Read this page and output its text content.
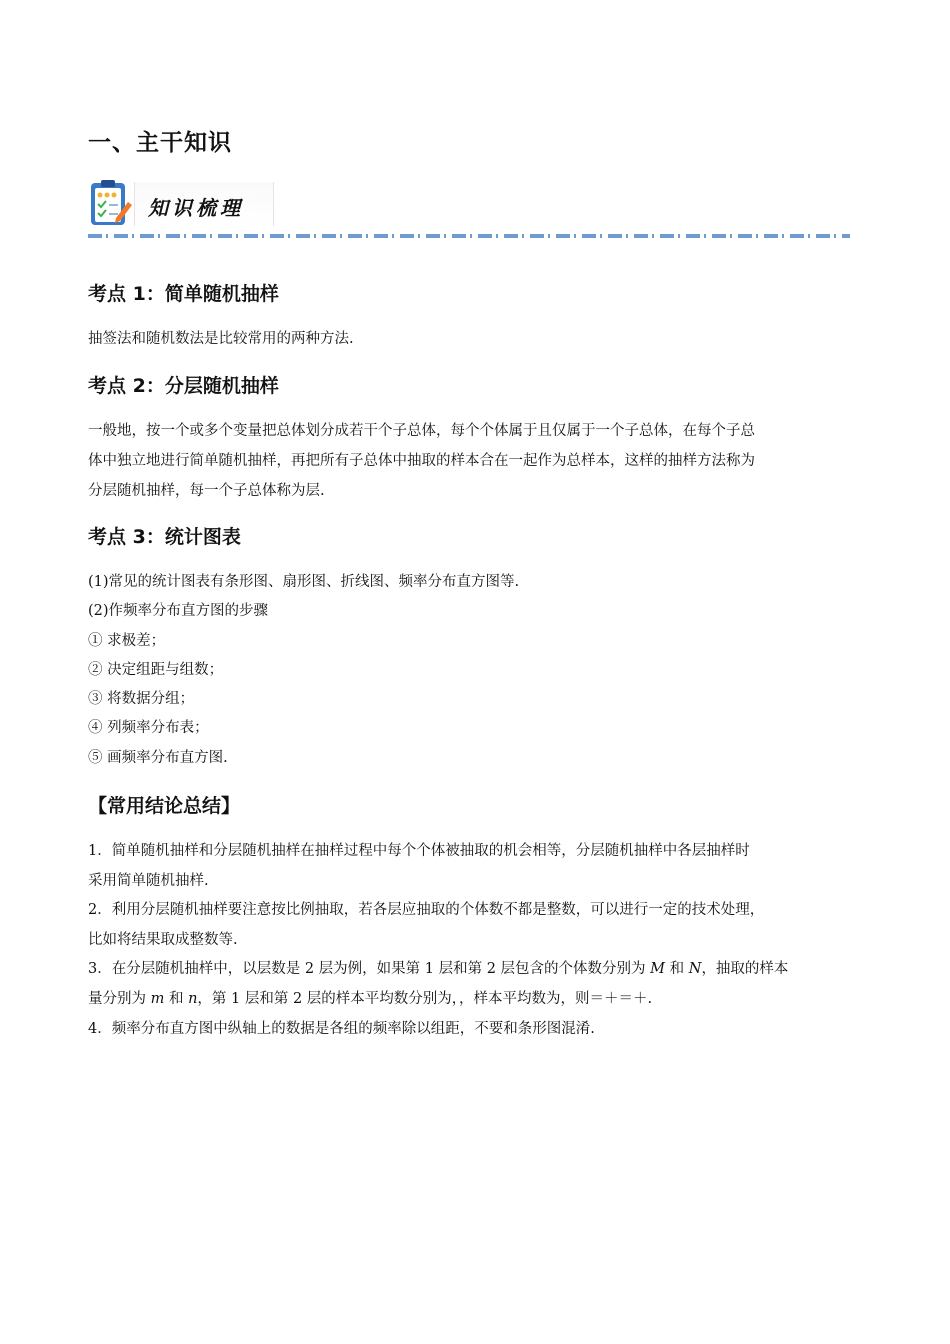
一、主干知识
知识梳理
考点 1：简单随机抽样
抽签法和随机数法是比较常用的两种方法.
考点 2：分层随机抽样
一般地，按一个或多个变量把总体划分成若干个子总体，每个个体属于且仅属于一个子总体，在每个子总
体中独立地进行简单随机抽样，再把所有子总体中抽取的样本合在一起作为总样本，这样的抽样方法称为
分层随机抽样，每一个子总体称为层.
考点 3：统计图表
(1)常见的统计图表有条形图、扇形图、折线图、频率分布直方图等.
(2)作频率分布直方图的步骤
① 求极差；
② 决定组距与组数；
③ 将数据分组；
④ 列频率分布表；
⑤ 画频率分布直方图.
【常用结论总结】
1．简单随机抽样和分层随机抽样在抽样过程中每个个体被抽取的机会相等，分层随机抽样中各层抽样时
采用简单随机抽样.
2．利用分层随机抽样要注意按比例抽取，若各层应抽取的个体数不都是整数，可以进行一定的技术处理，
比如将结果取成整数等.
3．在分层随机抽样中，以层数是 2 层为例，如果第 1 层和第 2 层包含的个体数分别为 M 和 N，抽取的样本
量分别为 m 和 n，第 1 层和第 2 层的样本平均数分别为，，样本平均数为，则＝＋＝＋.
4．频率分布直方图中纵轴上的数据是各组的频率除以组距，不要和条形图混淆.
